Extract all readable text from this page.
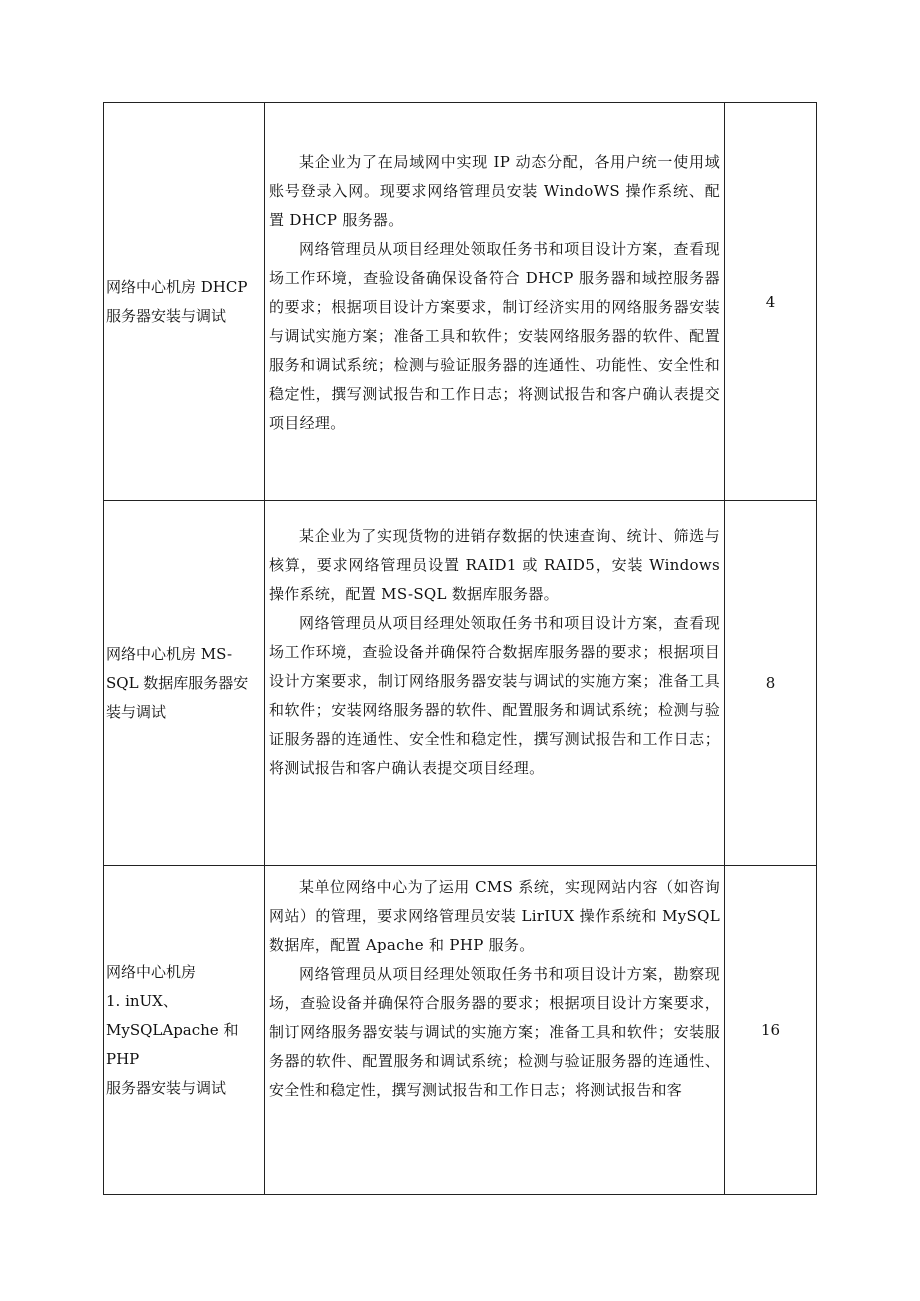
网络中心机房 DHCP 服务器安装与调试

某企业为了在局域网中实现 IP 动态分配，各用户统一使用域账号登录入网。现要求网络管理员安装 WindoWS 操作系统、配置 DHCP 服务器。

网络管理员从项目经理处领取任务书和项目设计方案，查看现场工作环境，查验设备确保设备符合 DHCP 服务器和域控服务器的要求；根据项目设计方案要求，制订经济实用的网络服务器安装与调试实施方案；准备工具和软件；安装网络服务器的软件、配置服务和调试系统；检测与验证服务器的连通性、功能性、安全性和稳定性，撰写测试报告和工作日志；将测试报告和客户确认表提交项目经理。

4
网络中心机房 MS-SQL 数据库服务器安装与调试

某企业为了实现货物的进销存数据的快速查询、统计、筛选与核算，要求网络管理员设置 RAID1 或 RAID5，安装 Windows 操作系统，配置 MS-SQL 数据库服务器。

网络管理员从项目经理处领取任务书和项目设计方案，查看现场工作环境，查验设备并确保符合数据库服务器的要求；根据项目设计方案要求，制订网络服务器安装与调试的实施方案；准备工具和软件；安装网络服务器的软件、配置服务和调试系统；检测与验证服务器的连通性、安全性和稳定性，撰写测试报告和工作日志；将测试报告和客户确认表提交项目经理。

8
网络中心机房
1. inUX、
MySQLApache 和 PHP
服务器安装与调试

某单位网络中心为了运用 CMS 系统，实现网站内容（如咨询网站）的管理，要求网络管理员安装 LirIUX 操作系统和 MySQL 数据库，配置 Apache 和 PHP 服务。

网络管理员从项目经理处领取任务书和项目设计方案，勘察现场，查验设备并确保符合服务器的要求；根据项目设计方案要求，制订网络服务器安装与调试的实施方案；准备工具和软件；安装服务器的软件、配置服务和调试系统；检测与验证服务器的连通性、安全性和稳定性，撰写测试报告和工作日志；将测试报告和客

16
